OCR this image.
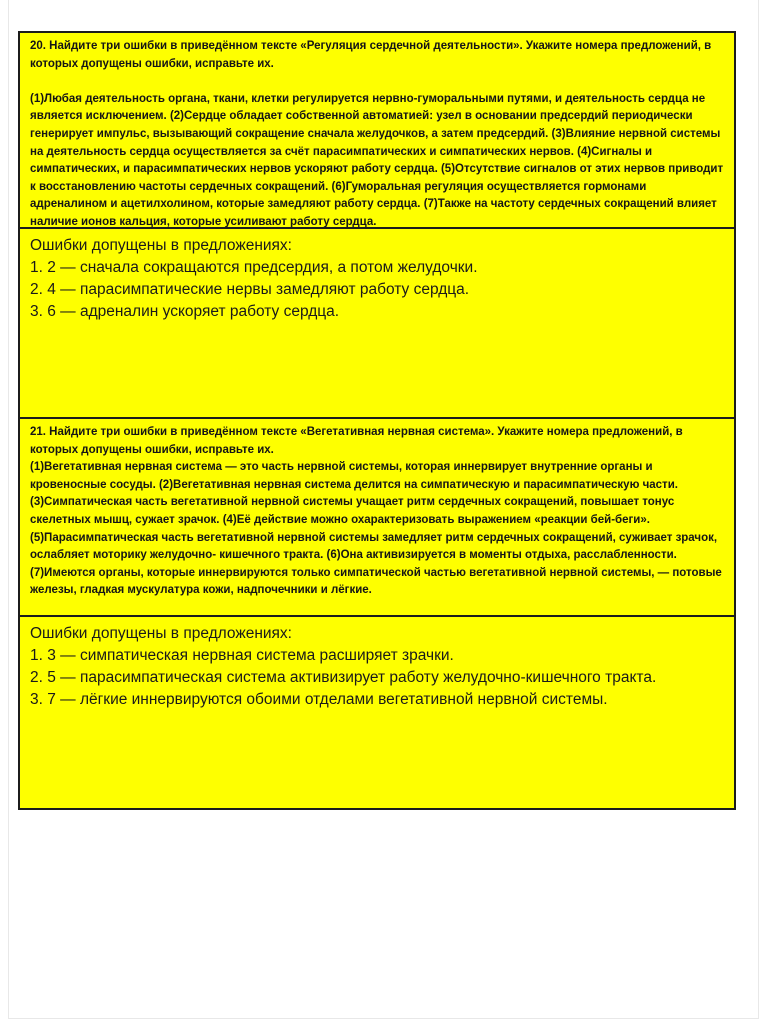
20. Найдите три ошибки в приведённом тексте «Регуляция сердечной деятельности». Укажите номера предложений, в которых допущены ошибки, исправьте их.

(1)Любая деятельность органа, ткани, клетки регулируется нервно-гуморальными путями, и деятельность сердца не является исключением. (2)Сердце обладает собственной автоматией: узел в основании предсердий периодически генерирует импульс, вызывающий сокращение сначала желудочков, а затем предсердий. (3)Влияние нервной системы на деятельность сердца осуществляется за счёт парасимпатических и симпатических нервов. (4)Сигналы и симпатических, и парасимпатических нервов ускоряют работу сердца. (5)Отсутствие сигналов от этих нервов приводит к восстановлению частоты сердечных сокращений. (6)Гуморальная регуляция осуществляется гормонами адреналином и ацетилхолином, которые замедляют работу сердца. (7)Также на частоту сердечных сокращений влияет наличие ионов кальция, которые усиливают работу сердца.

Ошибки допущены в предложениях:

1. 2 — сначала сокращаются предсердия, а потом желудочки.

2. 4 — парасимпатические нервы замедляют работу сердца.

3. 6 — адреналин ускоряет работу сердца.

21. Найдите три ошибки в приведённом тексте «Вегетативная нервная система». Укажите номера предложений, в которых допущены ошибки, исправьте их.

(1)Вегетативная нервная система — это часть нервной системы, которая иннервирует внутренние органы и кровеносные сосуды. (2)Вегетативная нервная система делится на симпатическую и парасимпатическую части. (3)Симпатическая часть вегетативной нервной системы учащает ритм сердечных сокращений, повышает тонус скелетных мышц, сужает зрачок. (4)Её действие можно охарактеризовать выражением «реакции бей-беги». (5)Парасимпатическая часть вегетативной нервной системы замедляет ритм сердечных сокращений, суживает зрачок, ослабляет моторику желудочно- кишечного тракта. (6)Она активизируется в моменты отдыха, расслабленности. (7)Имеются органы, которые иннервируются только симпатической частью вегетативной нервной системы, — потовые железы, гладкая мускулатура кожи, надпочечники и лёгкие.

Ошибки допущены в предложениях:

1. 3 — симпатическая нервная система расширяет зрачки.

2. 5 — парасимпатическая система активизирует работу желудочно-кишечного тракта.

3. 7 — лёгкие иннервируются обоими отделами вегетативной нервной системы.
